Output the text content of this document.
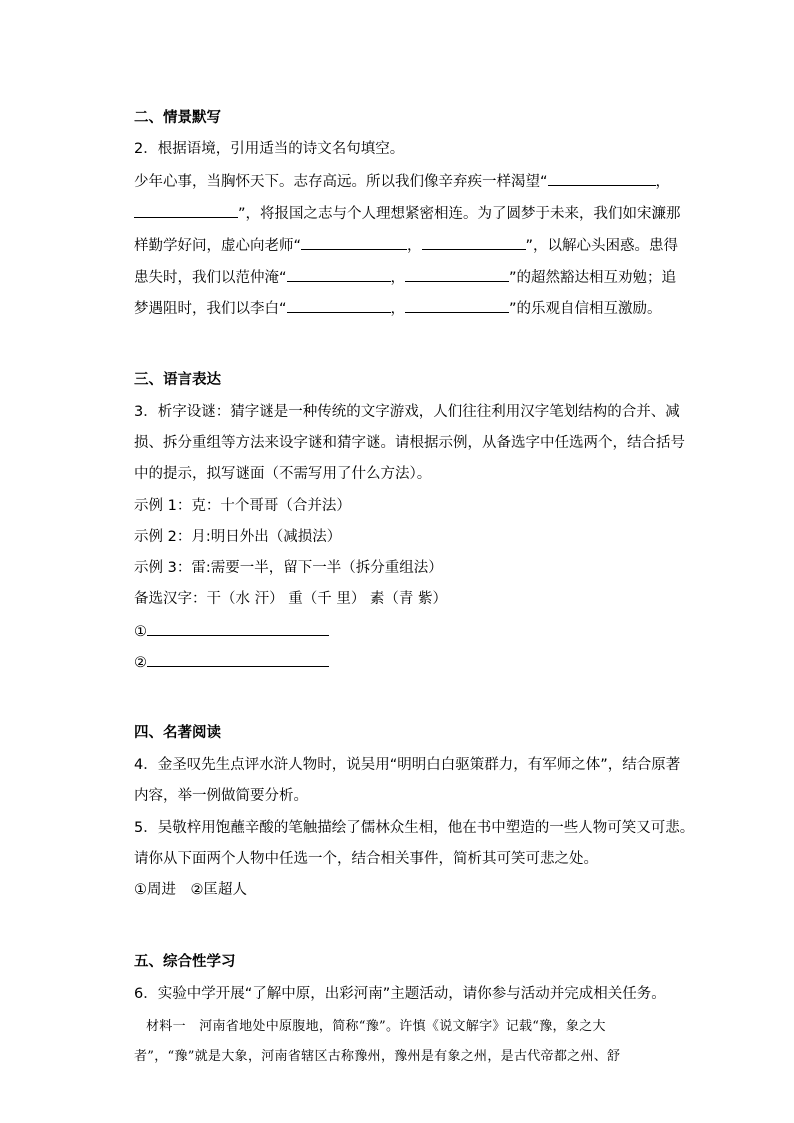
二、情景默写
2．根据语境，引用适当的诗文名句填空。
少年心事，当胸怀天下。志存高远。所以我们像辛弃疾一样渴望“	，
”，将报国之志与个人理想紧密相连。为了圆梦于未来，我们如宋濂那
样勤学好问，虚心向老师“	，	”，以解心头困惑。患得
患失时，我们以范仲淹“	，	”的超然豁达相互劝勉；追
梦遇阻时，我们以李白“	，	”的乐观自信相互激励。
三、语言表达
3．析字设谜：猜字谜是一种传统的文字游戏，人们往往利用汉字笔划结构的合并、减
损、拆分重组等方法来设字谜和猜字谜。请根据示例，从备选字中任选两个，结合括号
中的提示，拟写谜面（不需写用了什么方法）。
示例 1：克：十个哥哥（合并法）
示例 2：月:明日外出（减损法）
示例 3：雷:需要一半，留下一半（拆分重组法）
备选汉字：干（水 汗） 重（千 里） 素（青 紫）
①
②
四、名著阅读
4．金圣叹先生点评水浒人物时，说吴用“明明白白驱策群力，有军师之体”，结合原著
内容，举一例做简要分析。
5．吴敬梓用饱蘸辛酸的笔触描绘了儒林众生相，他在书中塑造的一些人物可笑又可悲。
请你从下面两个人物中任选一个，结合相关事件，简析其可笑可悲之处。
①周进　②匡超人
五、综合性学习
6．实验中学开展“了解中原，出彩河南”主题活动，请你参与活动并完成相关任务。
材料一　河南省地处中原腹地，简称“豫”。许慎《说文解字》记载“豫，象之大
者”，“豫”就是大象，河南省辖区古称豫州，豫州是有象之州，是古代帝都之州、舒
